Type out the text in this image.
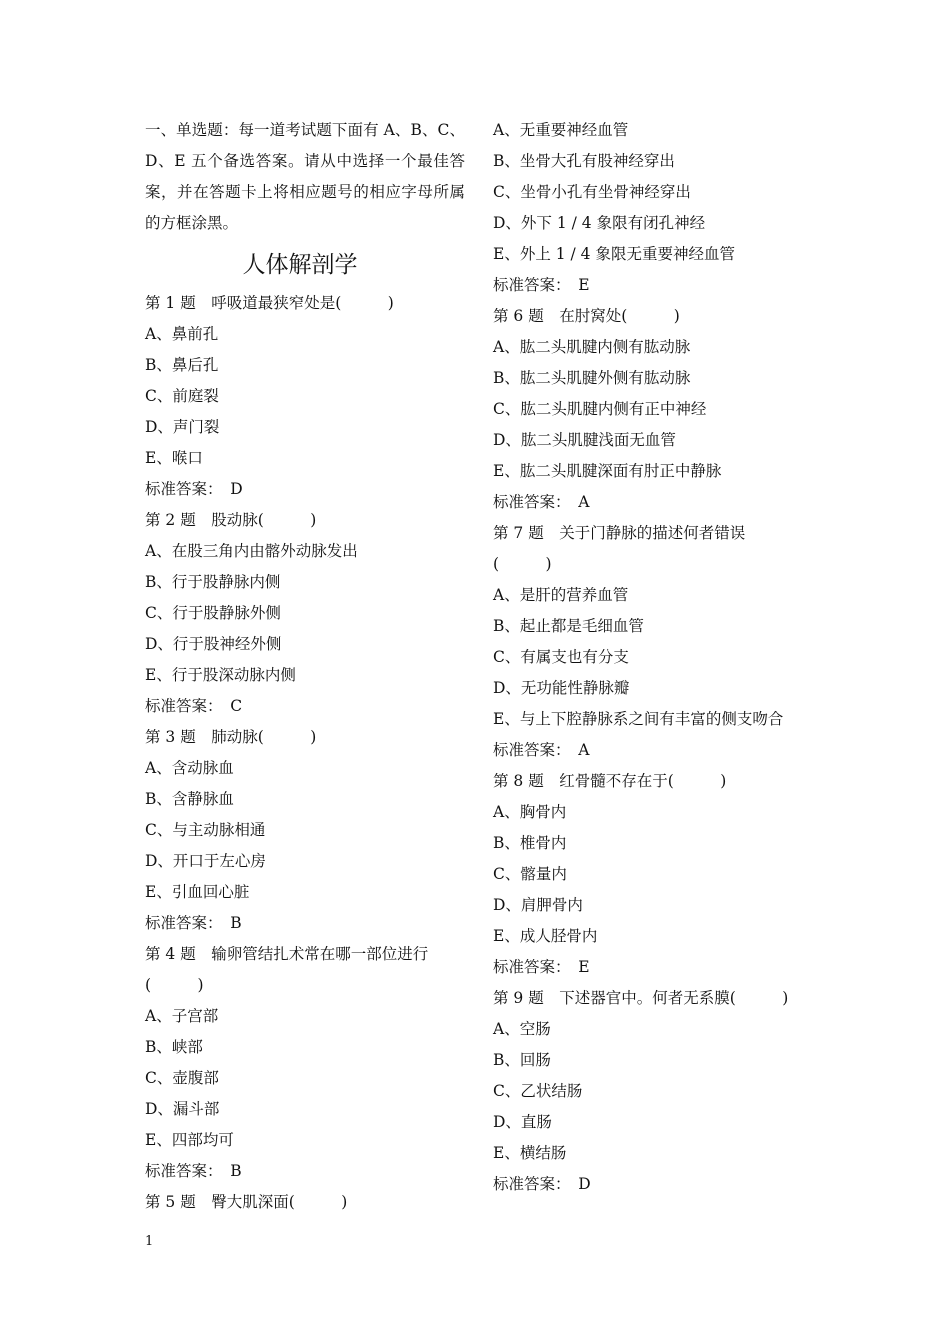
一、单选题：每一道考试题下面有 A、B、C、D、E 五个备选答案。请从中选择一个最佳答案，并在答题卡上将相应题号的相应字母所属的方框涂黑。

人体解剖学
第 1 题　呼吸道最狭窄处是(　　　)
A、鼻前孔
B、鼻后孔
C、前庭裂
D、声门裂
E、喉口
标准答案：　D
第 2 题　股动脉(　　　)
A、在股三角内由髂外动脉发出
B、行于股静脉内侧
C、行于股静脉外侧
D、行于股神经外侧
E、行于股深动脉内侧
标准答案：　C
第 3 题　肺动脉(　　　)
A、含动脉血
B、含静脉血
C、与主动脉相通
D、开口于左心房
E、引血回心脏
标准答案：　B
第 4 题　输卵管结扎术常在哪一部位进行
(　　　)
A、子宫部
B、峡部
C、壶腹部
D、漏斗部
E、四部均可
标准答案：　B
第 5 题　臀大肌深面(　　　)
A、无重要神经血管
B、坐骨大孔有股神经穿出
C、坐骨小孔有坐骨神经穿出
D、外下 1 / 4 象限有闭孔神经
E、外上 1 / 4 象限无重要神经血管
标准答案：　E
第 6 题　在肘窝处(　　　)
A、肱二头肌腱内侧有肱动脉
B、肱二头肌腱外侧有肱动脉
C、肱二头肌腱内侧有正中神经
D、肱二头肌腱浅面无血管
E、肱二头肌腱深面有肘正中静脉
标准答案：　A
第 7 题　关于门静脉的描述何者错误
(　　　)
A、是肝的营养血管
B、起止都是毛细血管
C、有属支也有分支
D、无功能性静脉瓣
E、与上下腔静脉系之间有丰富的侧支吻合
标准答案：　A
第 8 题　红骨髓不存在于(　　　)
A、胸骨内
B、椎骨内
C、髂量内
D、肩胛骨内
E、成人胫骨内
标准答案：　E
第 9 题　下述器官中。何者无系膜(　　　)
A、空肠
B、回肠
C、乙状结肠
D、直肠
E、横结肠
标准答案：　D
1
